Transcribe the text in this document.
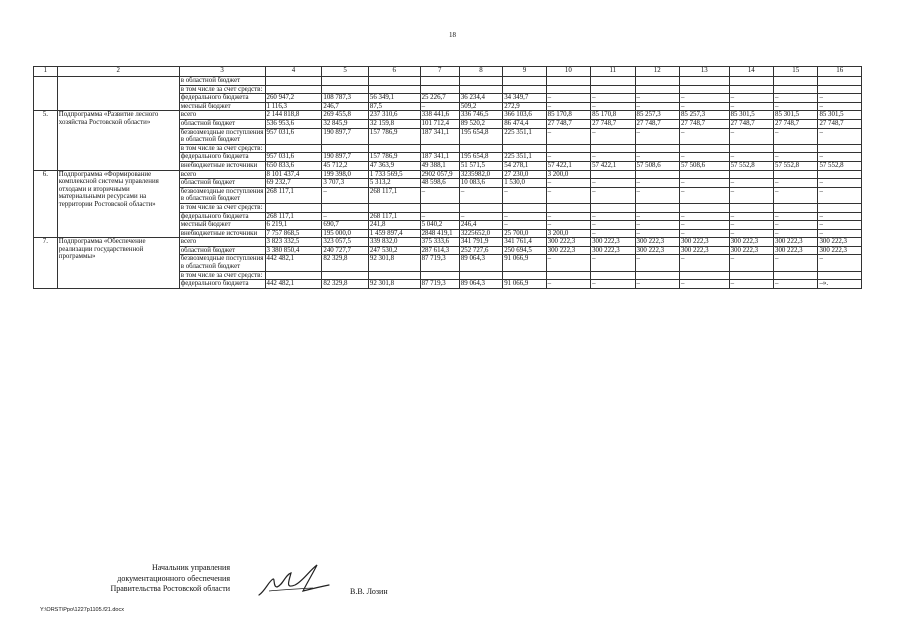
18
1	2	3	4	5	6	7	8	9	10	11	12	13	14	15	16
		в областной бюджет													
		в том числе за счет средств:													
		федерального бюджета	260 947,2	108 787,3	56 349,1	25 226,7	36 234,4	34 349,7	–	–	–	–	–	–	–
		местный бюджет	1 116,3	246,7	87,5	–	509,2	272,9	–	–	–	–	–	–	–
5.	Подпрограмма «Развитие лесного хозяйства Ростовской области»	всего	2 144 818,8	269 455,8	237 310,6	338 441,6	336 746,5	366 103,6	85 170,8	85 170,8	85 257,3	85 257,3	85 301,5	85 301,5	85 301,5
		областной бюджет	536 953,6	32 845,9	32 159,8	101 712,4	89 520,2	86 474,4	27 748,7	27 748,7	27 748,7	27 748,7	27 748,7	27 748,7	27 748,7
		безвозмездные поступления в областной бюджет	957 031,6	190 897,7	157 786,9	187 341,1	195 654,8	225 351,1	–	–	–	–	–	–	–
		в том числе за счет средств:													
		федерального бюджета	957 031,6	190 897,7	157 786,9	187 341,1	195 654,8	225 351,1	–	–	–	–	–	–	–
		внебюджетные источники	650 833,6	45 712,2	47 363,9	49 388,1	51 571,5	54 278,1	57 422,1	57 422,1	57 508,6	57 508,6	57 552,8	57 552,8	57 552,8
6.	Подпрограмма «Формирование комплексной системы управления отходами и вторичными материальными ресурсами на территории Ростовской области»	всего	8 101 437,4	199 398,0	1 733 569,5	2902 057,9	3235982,0	27 230,0	3 200,0						
		областной бюджет	69 232,7	3 707,3	5 313,2	48 598,6	10 083,6	1 530,0	–	–	–	–	–	–	–
		безвозмездные поступления в областной бюджет	268 117,1	–	268 117,1	–	–	–	–	–	–	–	–	–	–
		в том числе за счет средств:													
		федерального бюджета	268 117,1	–	268 117,1	–	–	–	–	–	–	–	–	–	–
		местный бюджет	6 219,1	690,7	241,8	5 040,2	246,4	–	–	–	–	–	–	–	–
		внебюджетные источники	7 757 868,5	195 000,0	1 459 897,4	2848 419,1	3225652,0	25 700,0	3 200,0	–	–	–	–	–	–
7.	Подпрограмма «Обеспечение реализации государственной программы»	всего	3 823 332,5	323 057,5	339 832,0	375 333,6	341 791,9	341 761,4	300 222,3	300 222,3	300 222,3	300 222,3	300 222,3	300 222,3	300 222,3
		областной бюджет	3 380 850,4	240 727,7	247 530,2	287 614,3	252 727,6	250 694,5	300 222,3	300 222,3	300 222,3	300 222,3	300 222,3	300 222,3	300 222,3
		безвозмездные поступления в областной бюджет	442 482,1	82 329,8	92 301,8	87 719,3	89 064,3	91 066,9	–	–	–	–	–	–	–
		в том числе за счет средств:													
		федерального бюджета	442 482,1	82 329,8	92 301,8	87 719,3	89 064,3	91 066,9	–	–	–	–	–	–	–».
Начальник управления
документационного обеспечения
Правительства Ростовской области	В.В. Лозин
Y:\ORST\Ppo\1227p1105.f21.docx
